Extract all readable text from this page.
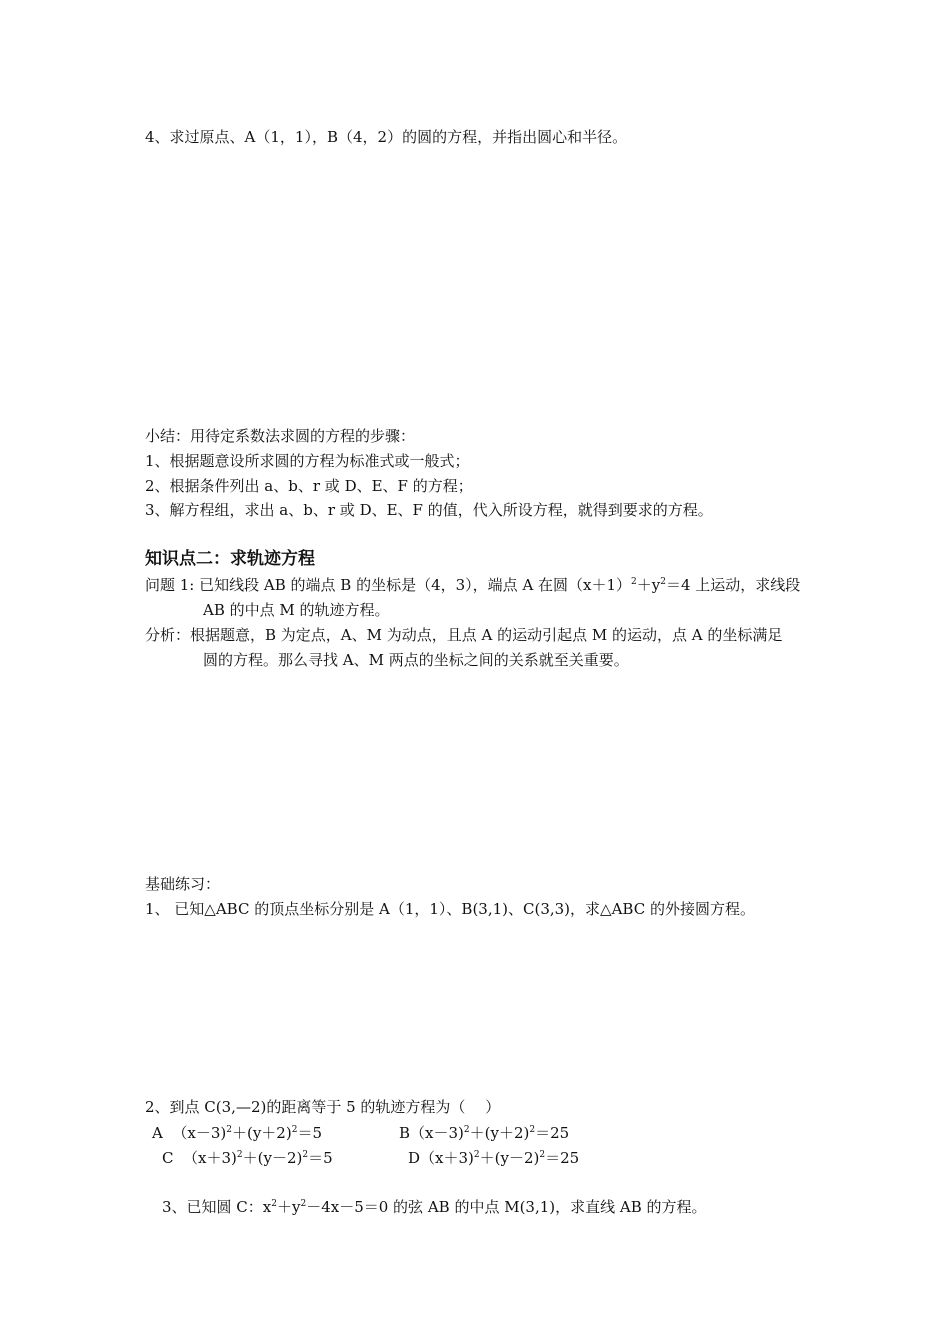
4、求过原点、A（1，1），B（4，2）的圆的方程，并指出圆心和半径。
小结：用待定系数法求圆的方程的步骤：
1、根据题意设所求圆的方程为标准式或一般式；
2、根据条件列出 a、b、r 或 D、E、F 的方程；
3、解方程组，求出 a、b、r 或 D、E、F 的值，代入所设方程，就得到要求的方程。
知识点二：求轨迹方程
问题 1: 已知线段 AB 的端点 B 的坐标是（4，3），端点 A 在圆$(x+1)^2+y^2=4$ 上运动，求线段
AB 的中点 M 的轨迹方程。
分析：根据题意，B 为定点，A、M 为动点，且点 A 的运动引起点 M 的运动，点 A 的坐标满足
圆的方程。那么寻找 A、M 两点的坐标之间的关系就至关重要。
基础练习：
1、 已知△ABC 的顶点坐标分别是 A（1，1）、B(3,1)、C(3,3)，求△ABC 的外接圆方程。
2、到点 C(3,—2)的距离等于 5 的轨迹方程为（　 ）
A $(x-3)^2+(y+2)^2=5$	$B(x-3)^2+(y+2)^2=25$
C $(x+3)^2+(y-2)^2=5$	$D(x+3)^2+(y-2)^2=25$
3、已知圆 C：$x^2+y^2-4x-5=0$ 的弦 AB 的中点 M(3,1)，求直线 AB 的方程。
